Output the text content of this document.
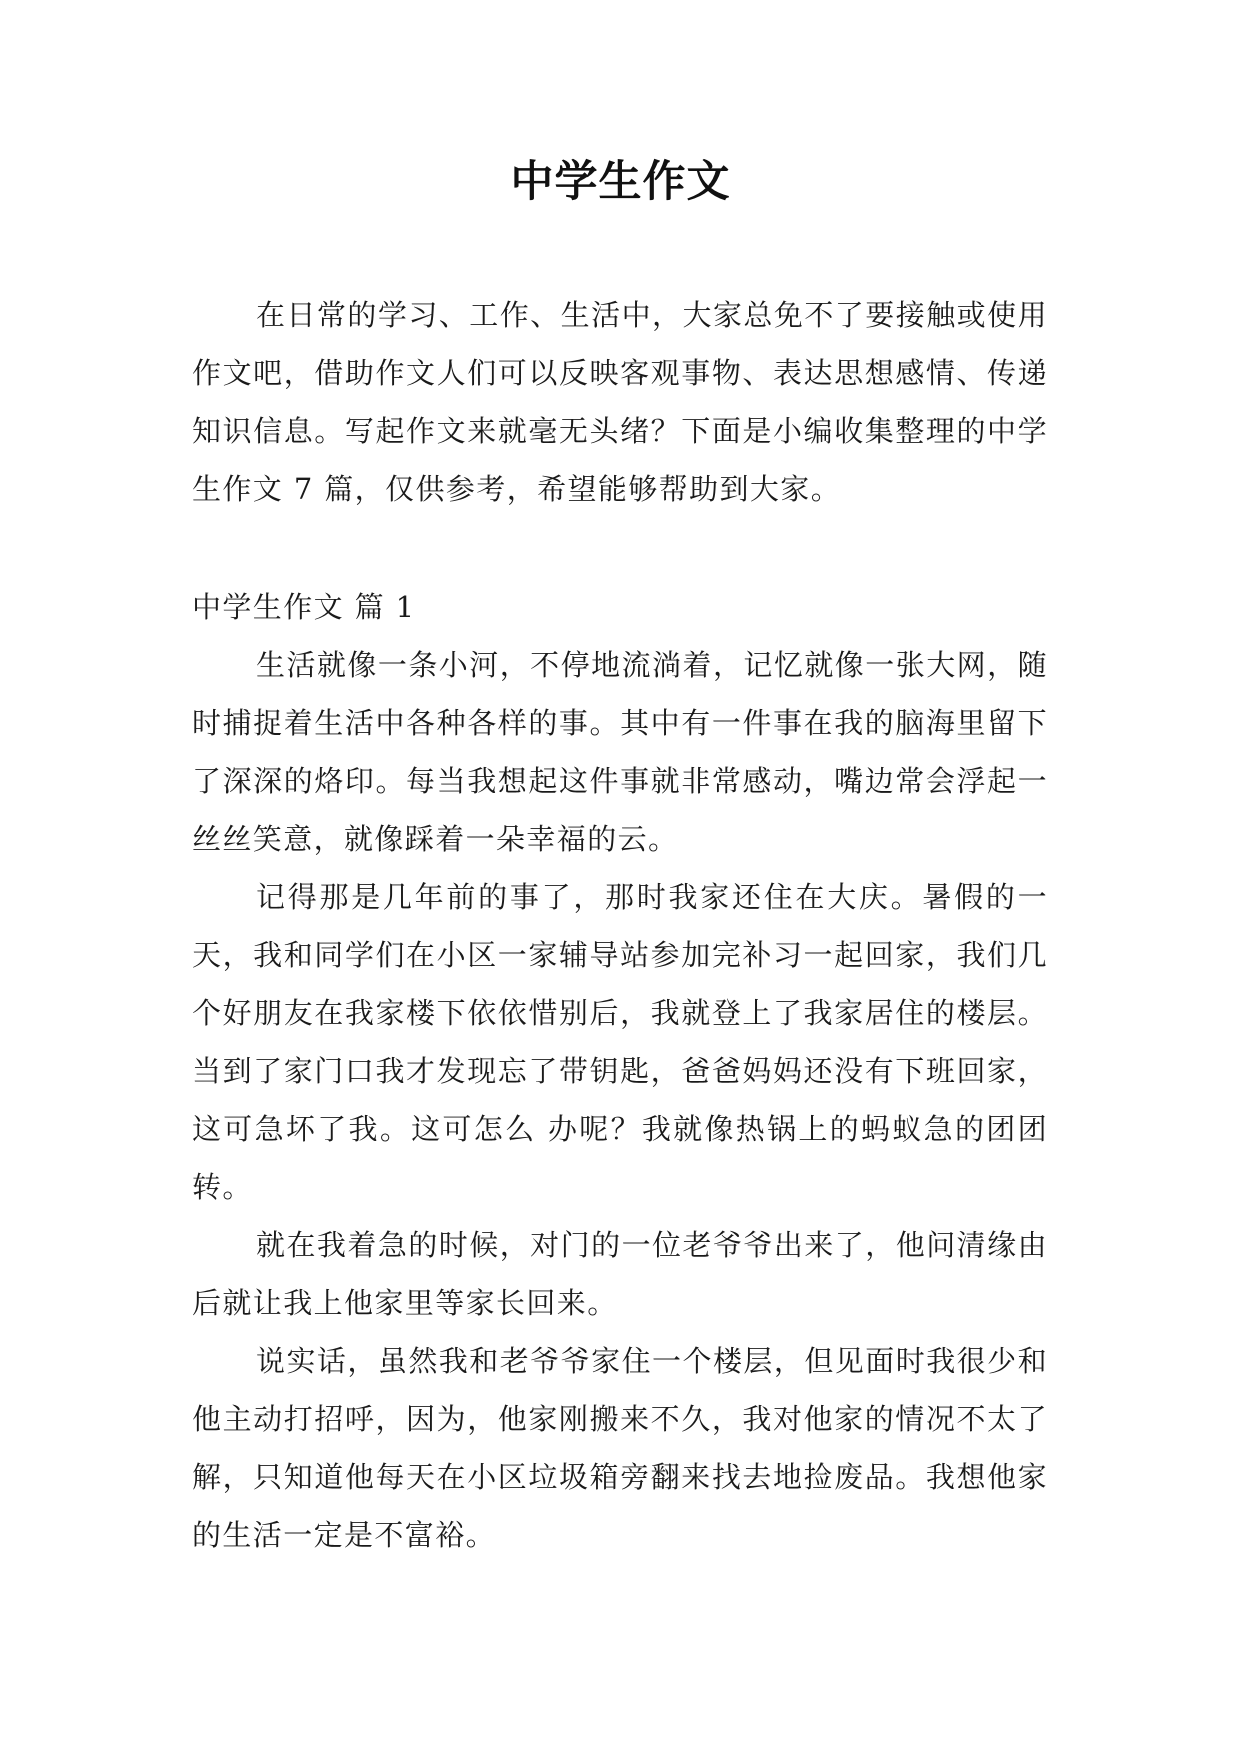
中学生作文

在日常的学习、工作、生活中，大家总免不了要接触或使用作文吧，借助作文人们可以反映客观事物、表达思想感情、传递知识信息。写起作文来就毫无头绪？下面是小编收集整理的中学生作文 7 篇，仅供参考，希望能够帮助到大家。

中学生作文 篇 1

生活就像一条小河，不停地流淌着，记忆就像一张大网，随时捕捉着生活中各种各样的事。其中有一件事在我的脑海里留下了深深的烙印。每当我想起这件事就非常感动，嘴边常会浮起一丝丝笑意，就像踩着一朵幸福的云。

记得那是几年前的事了，那时我家还住在大庆。暑假的一天，我和同学们在小区一家辅导站参加完补习一起回家，我们几个好朋友在我家楼下依依惜别后，我就登上了我家居住的楼层。当到了家门口我才发现忘了带钥匙，爸爸妈妈还没有下班回家，这可急坏了我。这可怎么 办呢？我就像热锅上的蚂蚁急的团团转。

就在我着急的时候，对门的一位老爷爷出来了，他问清缘由后就让我上他家里等家长回来。

说实话，虽然我和老爷爷家住一个楼层，但见面时我很少和他主动打招呼，因为，他家刚搬来不久，我对他家的情况不太了解，只知道他每天在小区垃圾箱旁翻来找去地捡废品。我想他家的生活一定是不富裕。
